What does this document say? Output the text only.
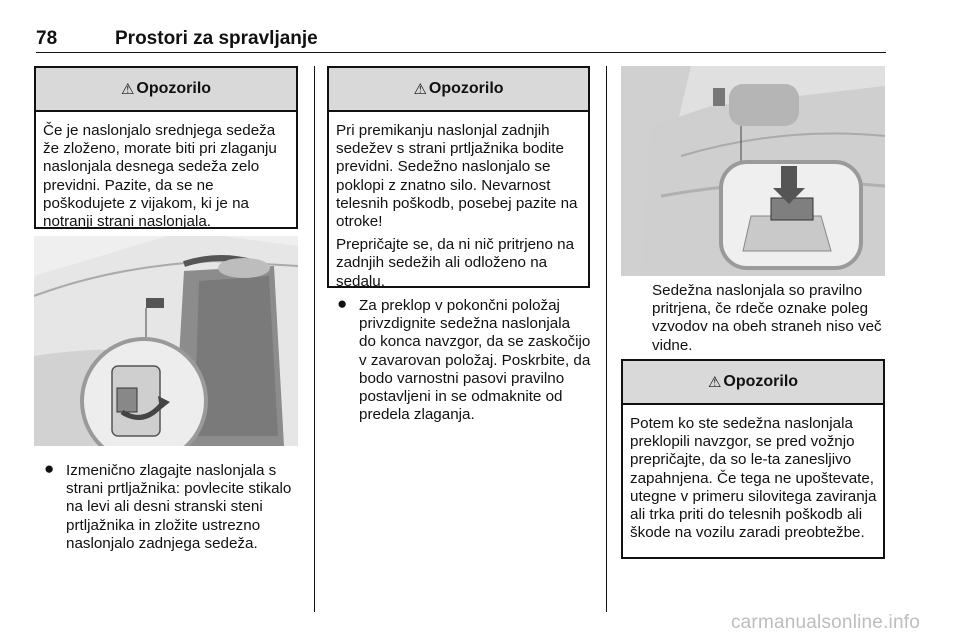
78	Prostori za spravljanje
⚠ Opozorilo

Če je naslonjalo srednjega sedeža že zloženo, morate biti pri zlaganju naslonjala desnega sedeža zelo previdni. Pazite, da se ne poškodujete z vijakom, ki je na notranji strani naslonjala.

● Izmenično zlagajte naslonjala s strani prtljažnika: povlecite stikalo na levi ali desni stranski steni prtljažnika in zložite ustrezno naslonjalo zadnjega sedeža.
⚠ Opozorilo

Pri premikanju naslonjal zadnjih sedežev s strani prtljažnika bodite previdni. Sedežno naslonjalo se poklopi z znatno silo. Nevarnost telesnih poškodb, posebej pazite na otroke!

Prepričajte se, da ni nič pritrjeno na zadnjih sedežih ali odloženo na sedalu.

● Za preklop v pokončni položaj privzdignite sedežna naslonjala do konca navzgor, da se zaskočijo v zavarovan položaj. Poskrbite, da bodo varnostni pasovi pravilno postavljeni in se odmaknite od predela zlaganja.
Sedežna naslonjala so pravilno pritrjena, če rdeče oznake poleg vzvodov na obeh straneh niso več vidne.
⚠ Opozorilo

Potem ko ste sedežna naslonjala preklopili navzgor, se pred vožnjo prepričajte, da so le-ta zanesljivo zapahnjena. Če tega ne upoštevate, utegne v primeru silovitega zaviranja ali trka priti do telesnih poškodb ali škode na vozilu zaradi preobtežbe.

carmanualsonline.info
